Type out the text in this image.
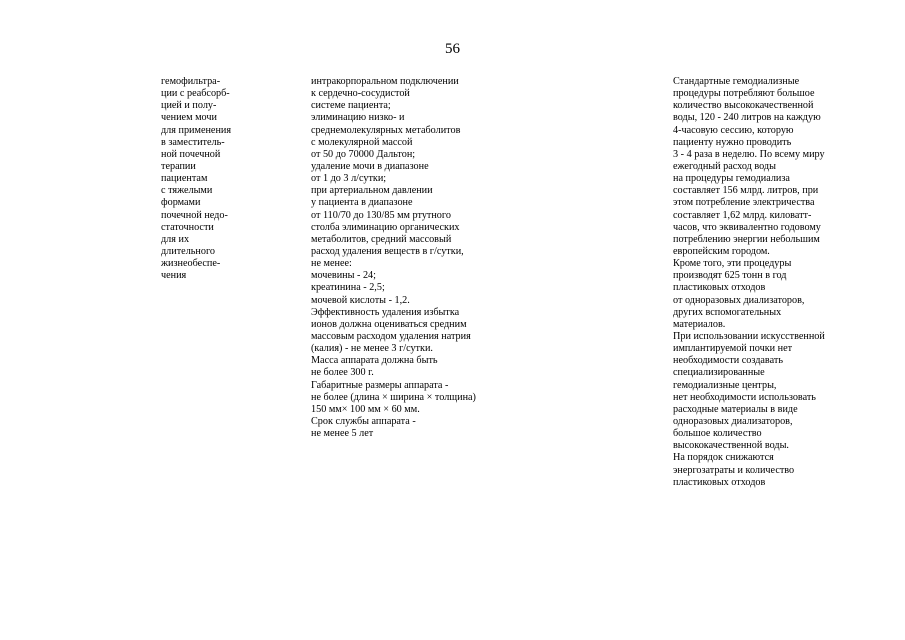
56
гемофильтра-
ции с реабсорб-
цией и полу-
чением мочи
для применения
в заместитель-
ной почечной
терапии
пациентам
с тяжелыми
формами
почечной недо-
статочности
для их
длительного
жизнеобеспе-
чения
интракорпоральном подключении
к сердечно-сосудистой
системе пациента;
элиминацию низко- и
среднемолекулярных метаболитов
с молекулярной массой
от 50 до 70000 Дальтон;
удаление мочи в диапазоне
от 1 до 3 л/сутки;
при артериальном давлении
у пациента в диапазоне
от 110/70 до 130/85 мм ртутного
столба элиминацию органических
метаболитов, средний массовый
расход удаления веществ в г/сутки,
не менее:
мочевины - 24;
креатинина - 2,5;
мочевой кислоты - 1,2.
Эффективность удаления избытка
ионов должна оцениваться средним
массовым расходом удаления натрия
(калия) - не менее 3 г/сутки.
Масса аппарата должна быть
не более 300 г.
Габаритные размеры аппарата -
не более (длина × ширина × толщина)
150 мм× 100 мм × 60 мм.
Срок службы аппарата -
не менее 5 лет
Стандартные гемодиализные
процедуры потребляют большое
количество высококачественной
воды, 120 - 240 литров на каждую
4-часовую сессию, которую
пациенту нужно проводить
3 - 4 раза в неделю. По всему миру
ежегодный расход воды
на процедуры гемодиализа
составляет 156 млрд. литров, при
этом потребление электричества
составляет 1,62 млрд. киловатт-
часов, что эквивалентно годовому
потреблению энергии небольшим
европейским городом.
Кроме того, эти процедуры
производят 625 тонн в год
пластиковых отходов
от одноразовых диализаторов,
других вспомогательных
материалов.
При использовании искусственной
имплантируемой почки нет
необходимости создавать
специализированные
гемодиализные центры,
нет необходимости использовать
расходные материалы в виде
одноразовых диализаторов,
большое количество
высококачественной воды.
На порядок снижаются
энергозатраты и количество
пластиковых отходов
